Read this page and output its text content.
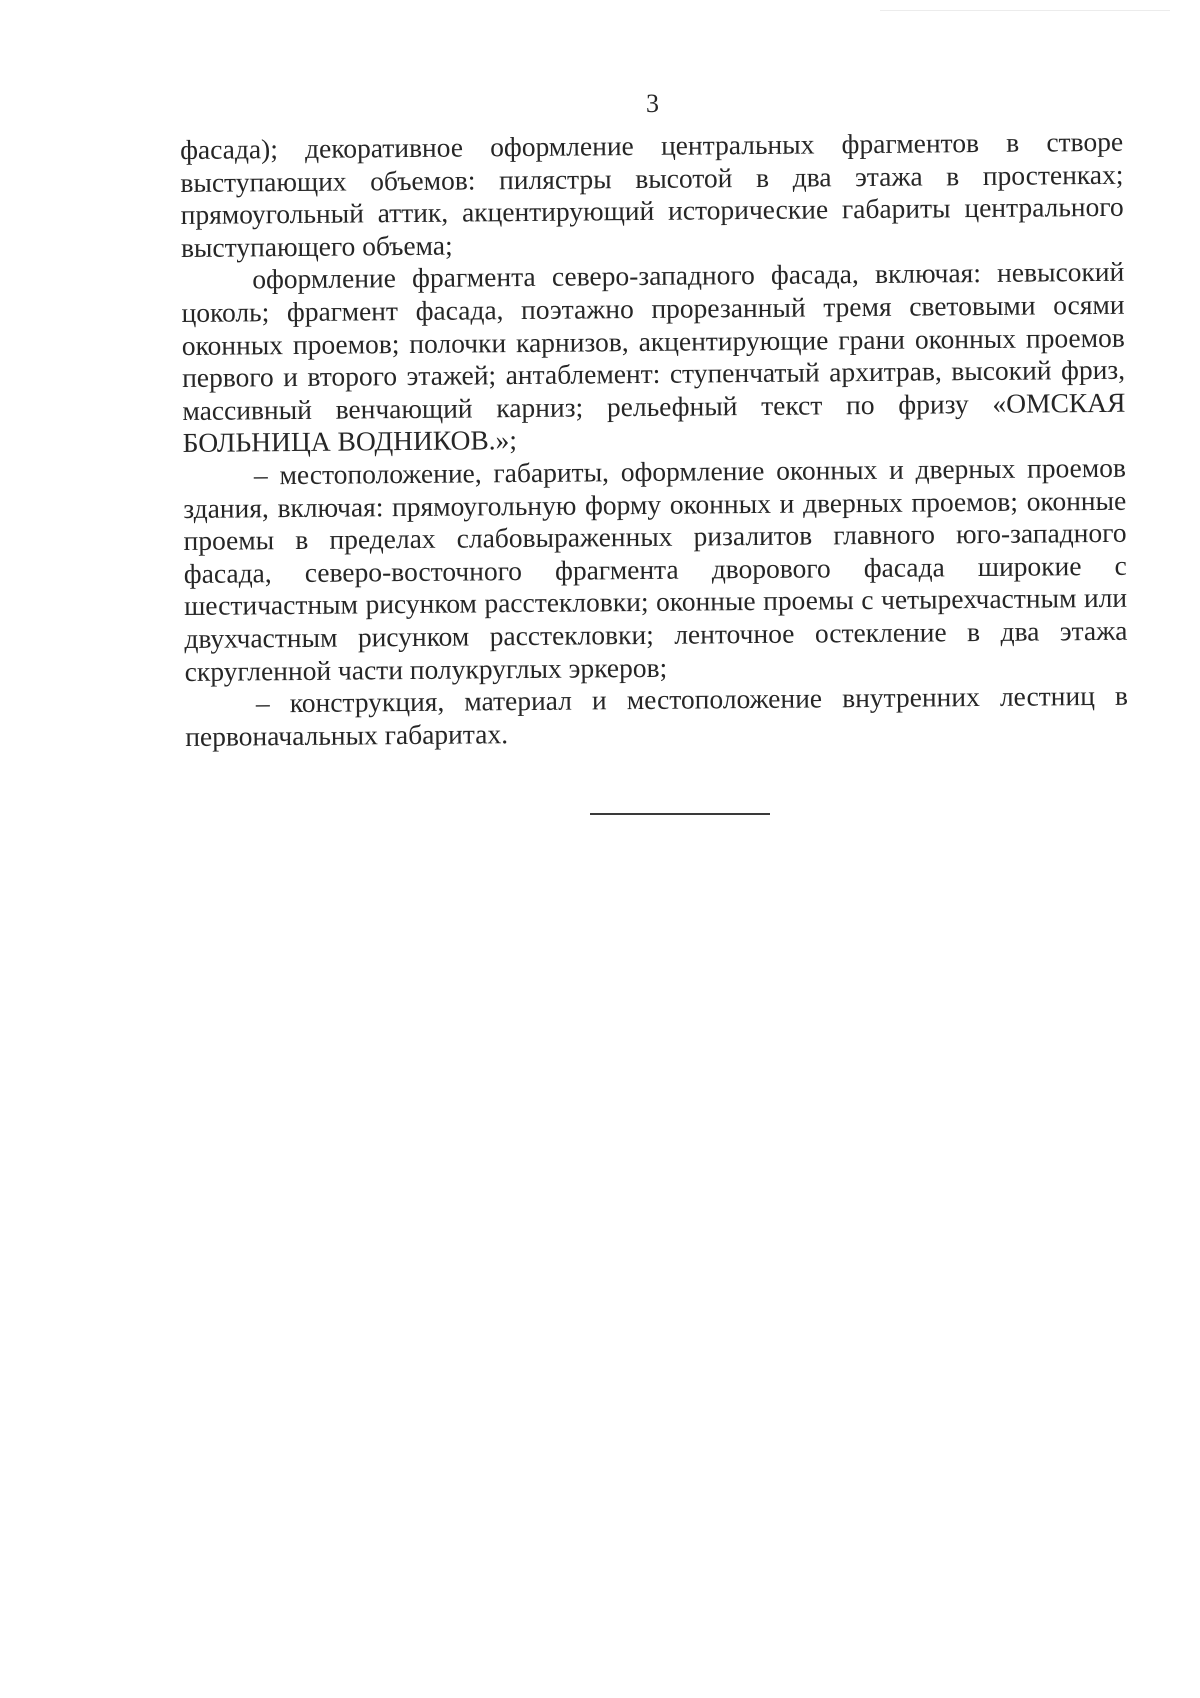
3

фасада); декоративное оформление центральных фрагментов в створе выступающих объемов: пилястры высотой в два этажа в простенках; прямоугольный аттик, акцентирующий исторические габариты центрального выступающего объема;

оформление фрагмента северо-западного фасада, включая: невысокий цоколь; фрагмент фасада, поэтажно прорезанный тремя световыми осями оконных проемов; полочки карнизов, акцентирующие грани оконных проемов первого и второго этажей; антаблемент: ступенчатый архитрав, высокий фриз, массивный венчающий карниз; рельефный текст по фризу «ОМСКАЯ БОЛЬНИЦА ВОДНИКОВ.»;

– местоположение, габариты, оформление оконных и дверных проемов здания, включая: прямоугольную форму оконных и дверных проемов; оконные проемы в пределах слабовыраженных ризалитов главного юго-западного фасада, северо-восточного фрагмента дворового фасада широкие с шестичастным рисунком расстекловки; оконные проемы с четырехчастным или двухчастным рисунком расстекловки; ленточное остекление в два этажа скругленной части полукруглых эркеров;

– конструкция, материал и местоположение внутренних лестниц в первоначальных габаритах.
